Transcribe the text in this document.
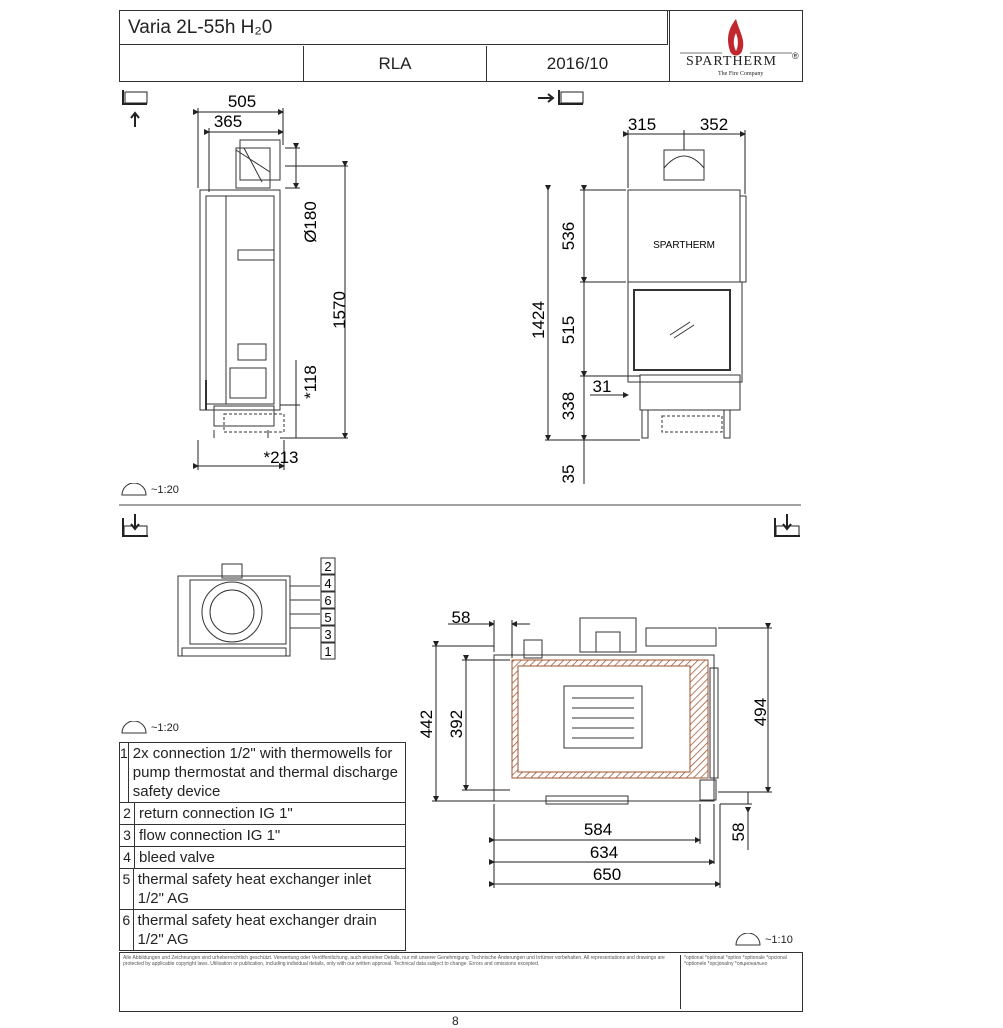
Varia 2L-55h H₂0
RLA	2016/10	SPARTHERM ®
The Fire Company
505
365
Ø180
1570
*118
*213
SPARTHERM
315	352
536
1424 515
31
338
35
2
4
6
5
3
1
58
442 392	494
584
634
650
58
~1:20
~1:20
~1:10
1 2x connection 1/2" with thermowells for pump thermostat and thermal discharge safety device
2 return connection IG 1"
3 flow connection IG 1"
4 bleed valve
5 thermal safety heat exchanger inlet 1/2" AG
6 thermal safety heat exchanger drain 1/2" AG
Alle Abbildungen und Zeichnungen sind urheberrechtlich geschützt. Verwertung oder Veröffentlichung, auch einzelner Details, nur mit unserer Genehmigung. Technische Änderungen und Irrtümer vorbehalten. All representations and drawings are protected by applicable copyright laws. Utilisation or publication, including individual details, only with our written approval. Technical data subject to change. Errors and omissions excepted.
*optional *optional *option *optionale *opcional *optionele *opcjonalny *опционально
8
